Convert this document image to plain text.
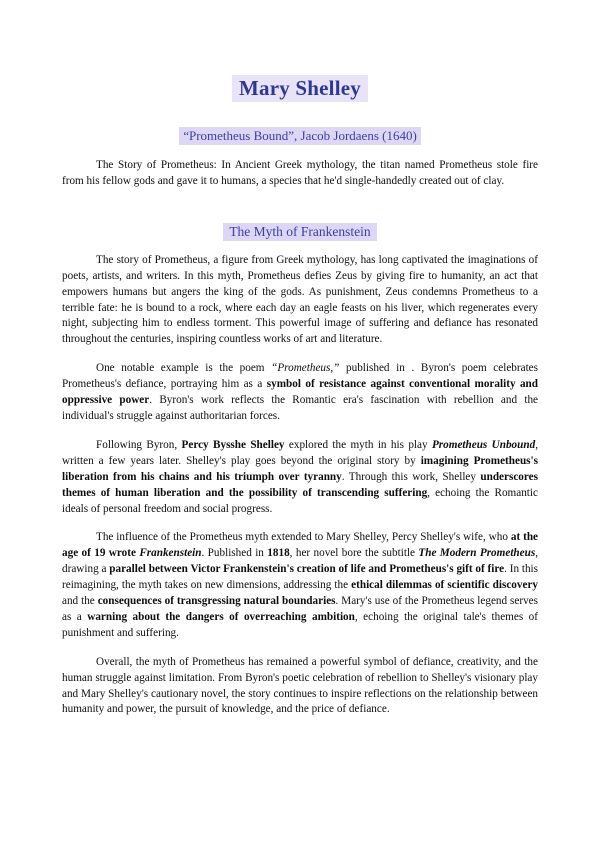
Mary Shelley
“Prometheus Bound”, Jacob Jordaens (1640)

The Story of Prometheus: In Ancient Greek mythology, the titan named Prometheus stole fire from his fellow gods and gave it to humans, a species that he'd single-handedly created out of clay.

The Myth of Frankenstein

The story of Prometheus, a figure from Greek mythology, has long captivated the imaginations of poets, artists, and writers. In this myth, Prometheus defies Zeus by giving fire to humanity, an act that empowers humans but angers the king of the gods. As punishment, Zeus condemns Prometheus to a terrible fate: he is bound to a rock, where each day an eagle feasts on his liver, which regenerates every night, subjecting him to endless torment. This powerful image of suffering and defiance has resonated throughout the centuries, inspiring countless works of art and literature.

One notable example is the poem “Prometheus,” published in . Byron's poem celebrates Prometheus's defiance, portraying him as a symbol of resistance against conventional morality and oppressive power. Byron's work reflects the Romantic era's fascination with rebellion and the individual's struggle against authoritarian forces.

Following Byron, Percy Bysshe Shelley explored the myth in his play Prometheus Unbound, written a few years later. Shelley's play goes beyond the original story by imagining Prometheus's liberation from his chains and his triumph over tyranny. Through this work, Shelley underscores themes of human liberation and the possibility of transcending suffering, echoing the Romantic ideals of personal freedom and social progress.

The influence of the Prometheus myth extended to Mary Shelley, Percy Shelley's wife, who at the age of 19 wrote Frankenstein. Published in 1818, her novel bore the subtitle The Modern Prometheus, drawing a parallel between Victor Frankenstein's creation of life and Prometheus's gift of fire. In this reimagining, the myth takes on new dimensions, addressing the ethical dilemmas of scientific discovery and the consequences of transgressing natural boundaries. Mary's use of the Prometheus legend serves as a warning about the dangers of overreaching ambition, echoing the original tale's themes of punishment and suffering.

Overall, the myth of Prometheus has remained a powerful symbol of defiance, creativity, and the human struggle against limitation. From Byron's poetic celebration of rebellion to Shelley's visionary play and Mary Shelley's cautionary novel, the story continues to inspire reflections on the relationship between humanity and power, the pursuit of knowledge, and the price of defiance.
